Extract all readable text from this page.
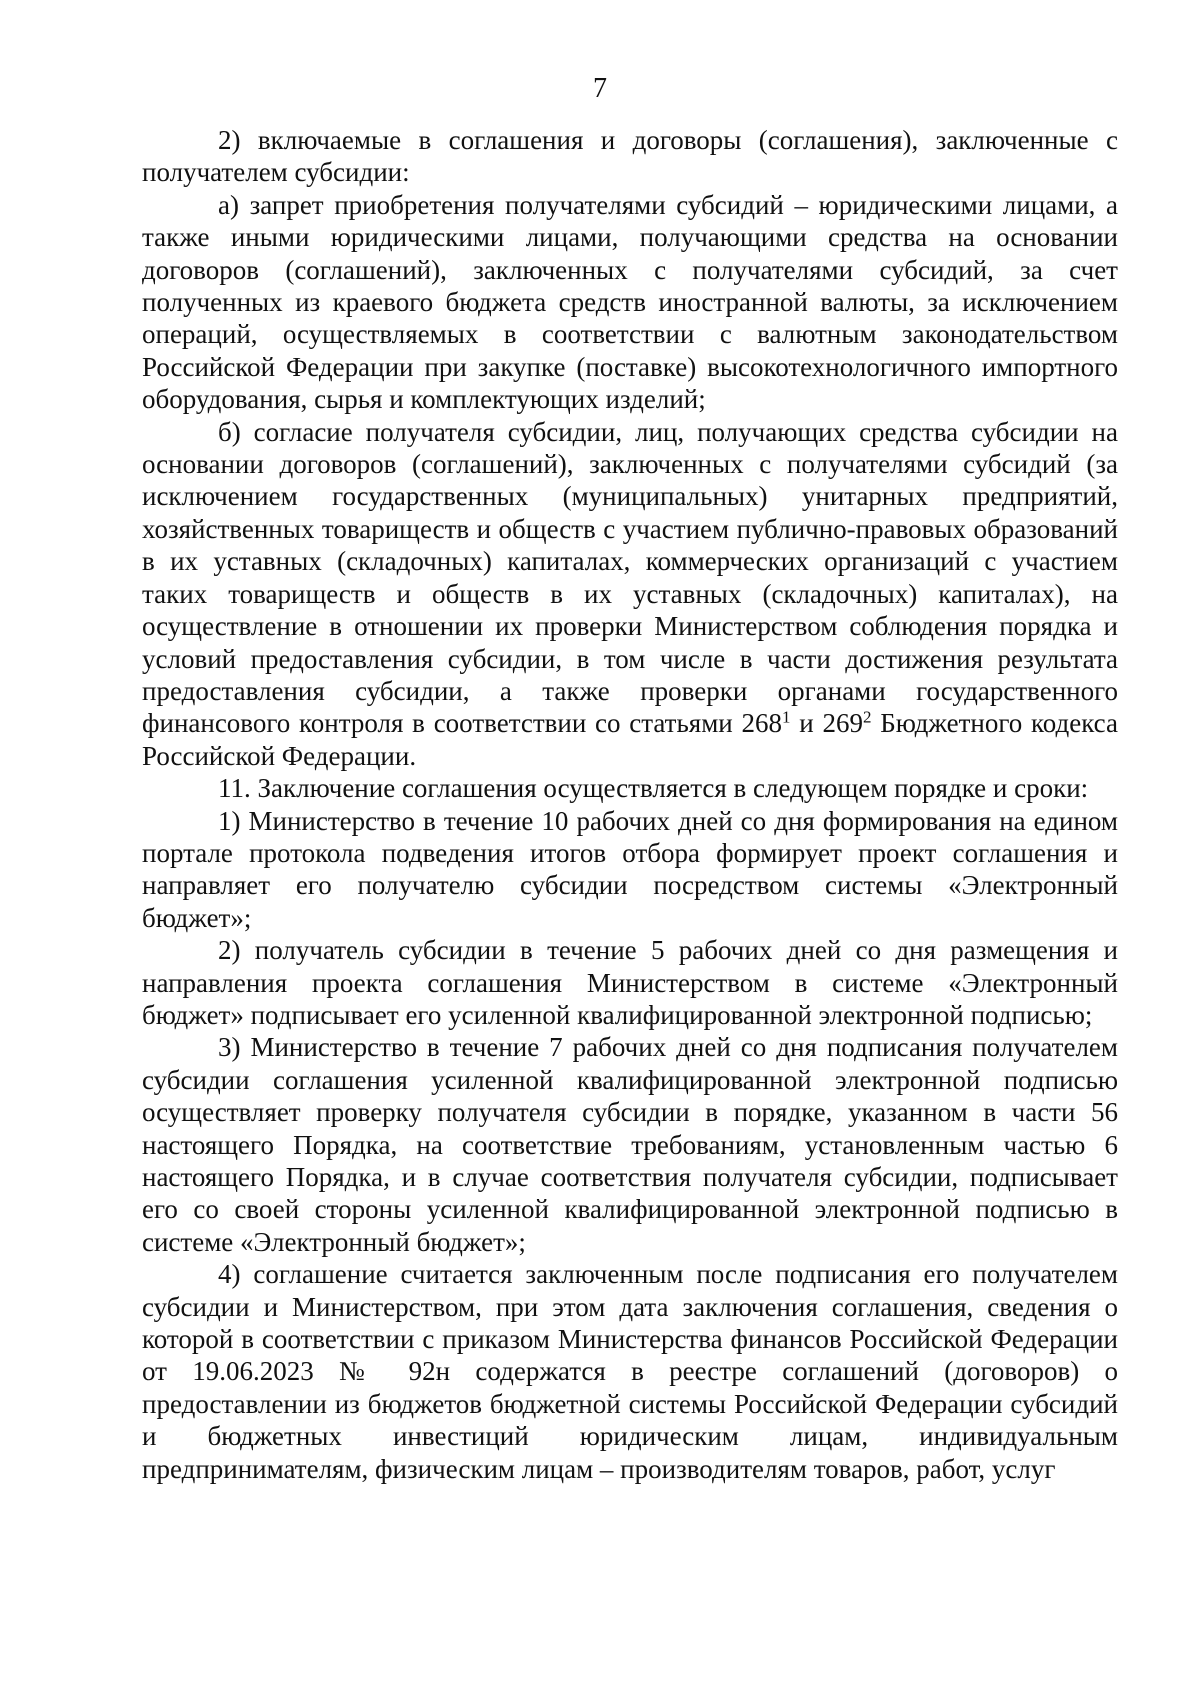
7

2) включаемые в соглашения и договоры (соглашения), заключенные с получателем субсидии:

а) запрет приобретения получателями субсидий – юридическими лицами, а также иными юридическими лицами, получающими средства на основании договоров (соглашений), заключенных с получателями субсидий, за счет полученных из краевого бюджета средств иностранной валюты, за исключением операций, осуществляемых в соответствии с валютным законодательством Российской Федерации при закупке (поставке) высокотехнологичного импортного оборудования, сырья и комплектующих изделий;

б) согласие получателя субсидии, лиц, получающих средства субсидии на основании договоров (соглашений), заключенных с получателями субсидий (за исключением государственных (муниципальных) унитарных предприятий, хозяйственных товариществ и обществ с участием публично-правовых образований в их уставных (складочных) капиталах, коммерческих организаций с участием таких товариществ и обществ в их уставных (складочных) капиталах), на осуществление в отношении их проверки Министерством соблюдения порядка и условий предоставления субсидии, в том числе в части достижения результата предоставления субсидии, а также проверки органами государственного финансового контроля в соответствии со статьями $268^1$ и $269^2$ Бюджетного кодекса Российской Федерации.

11. Заключение соглашения осуществляется в следующем порядке и сроки:

1) Министерство в течение 10 рабочих дней со дня формирования на едином портале протокола подведения итогов отбора формирует проект соглашения и направляет его получателю субсидии посредством системы «Электронный бюджет»;

2) получатель субсидии в течение 5 рабочих дней со дня размещения и направления проекта соглашения Министерством в системе «Электронный бюджет» подписывает его усиленной квалифицированной электронной подписью;

3) Министерство в течение 7 рабочих дней со дня подписания получателем субсидии соглашения усиленной квалифицированной электронной подписью осуществляет проверку получателя субсидии в порядке, указанном в части 56 настоящего Порядка, на соответствие требованиям, установленным частью 6 настоящего Порядка, и в случае соответствия получателя субсидии, подписывает его со своей стороны усиленной квалифицированной электронной подписью в системе «Электронный бюджет»;

4) соглашение считается заключенным после подписания его получателем субсидии и Министерством, при этом дата заключения соглашения, сведения о которой в соответствии с приказом Министерства финансов Российской Федерации от 19.06.2023 № 92н содержатся в реестре соглашений (договоров) о предоставлении из бюджетов бюджетной системы Российской Федерации субсидий и бюджетных инвестиций юридическим лицам, индивидуальным предпринимателям, физическим лицам – производителям товаров, работ, услуг
